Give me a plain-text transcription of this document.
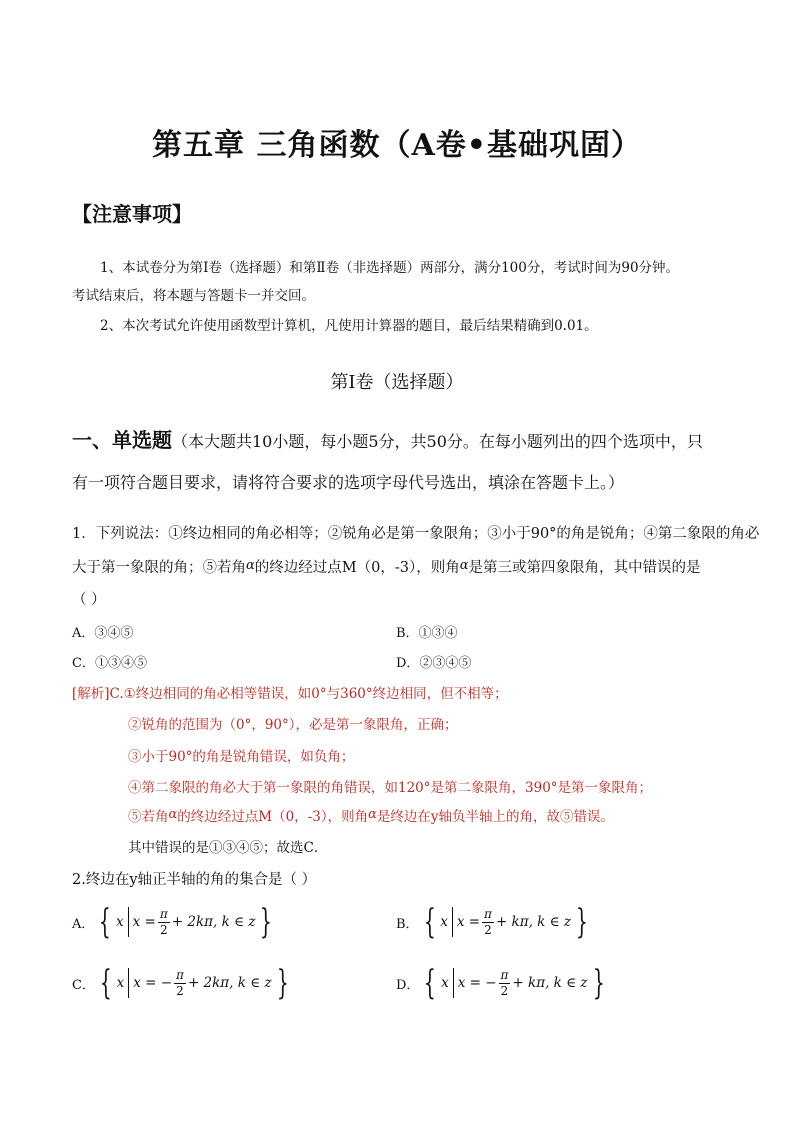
第五章 三角函数（A卷•基础巩固）
【注意事项】
1、本试卷分为第Ⅰ卷（选择题）和第Ⅱ卷（非选择题）两部分，满分100分，考试时间为90分钟。
考试结束后，将本题与答题卡一并交回。
2、本次考试允许使用函数型计算机，凡使用计算器的题目，最后结果精确到0.01。
第Ⅰ卷（选择题）
一、单选题（本大题共10小题，每小题5分，共50分。在每小题列出的四个选项中，只
有一项符合题目要求，请将符合要求的选项字母代号选出，填涂在答题卡上。）
1．下列说法：①终边相同的角必相等；②锐角必是第一象限角；③小于90°的角是锐角；④第二象限的角必
大于第一象限的角；⑤若角α的终边经过点M（0，-3），则角α是第三或第四象限角，其中错误的是
（ ）
A．③④⑤	B．①③④
C．①③④⑤	D．②③④⑤
[解析]C.①终边相同的角必相等错误，如0°与360°终边相同，但不相等；
②锐角的范围为（0°，90°），必是第一象限角，正确；
③小于90°的角是锐角错误，如负角；
④第二象限的角必大于第一象限的角错误，如120°是第二象限角，390°是第一象限角；
⑤若角α的终边经过点M（0，-3），则角α是终边在y轴负半轴上的角，故⑤错误。
其中错误的是①③④⑤；故选C．
2.终边在y轴正半轴的角的集合是（ ）
A． { x $x = \frac{\pi}{2} + 2k\pi$, k ∈ z }	B． { x $x = \frac{\pi}{2} + k\pi$, k ∈ z }
C． { x x = − $\frac{\pi}{2} + 2k\pi$, k ∈ z }	D． { x x = − $\frac{\pi}{2} + k\pi$, k ∈ z }
